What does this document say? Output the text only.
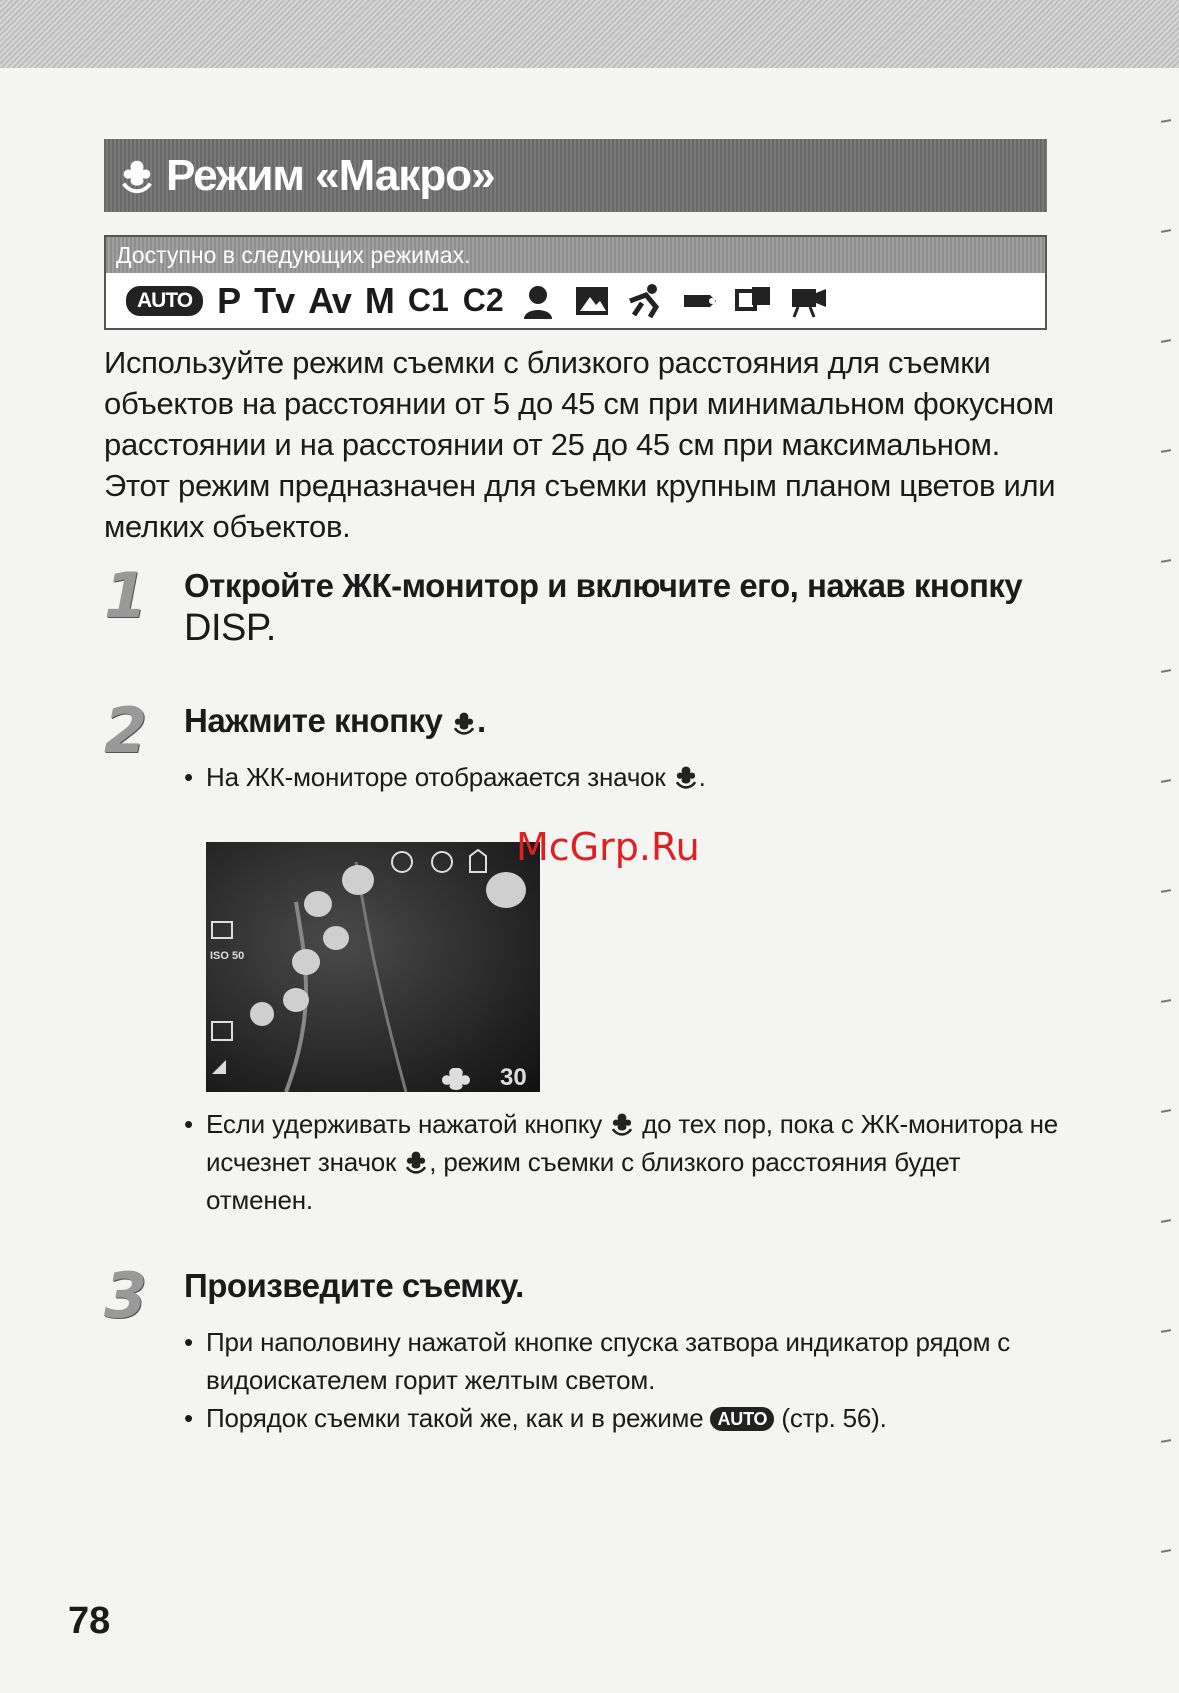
Режим «Макро»
Доступно в следующих режимах.
AUTO P Tv Av M C1 C2
Используйте режим съемки с близкого расстояния для съемки объектов на расстоянии от 5 до 45 см при минимальном фокусном расстоянии и на расстоянии от 25 до 45 см при максимальном. Этот режим предназначен для съемки крупным планом цветов или мелких объектов.
1 Откройте ЖК-монитор и включите его, нажав кнопку DISP.
2 Нажмите кнопку .
• На ЖК-мониторе отображается значок .
• Если удерживать нажатой кнопку до тех пор, пока с ЖК-монитора не исчезнет значок , режим съемки с близкого расстояния будет отменен.
ISO 50
30
McGrp.Ru
3 Произведите съемку.
• При наполовину нажатой кнопке спуска затвора индикатор рядом с видоискателем горит желтым светом.
• Порядок съемки такой же, как и в режиме AUTO (стр. 56).
78
